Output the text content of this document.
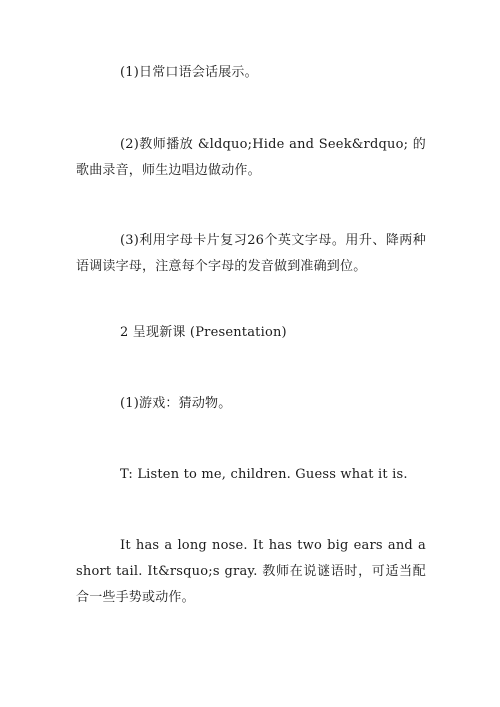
(1)日常口语会话展示。

(2)教师播放 &ldquo;Hide and Seek&rdquo; 的歌曲录音，师生边唱边做动作。

(3)利用字母卡片复习26个英文字母。用升、降两种语调读字母，注意每个字母的发音做到准确到位。

2 呈现新课 (Presentation)

(1)游戏：猜动物。

T: Listen to me, children. Guess what it is.

It has a long nose. It has two big ears and a short tail. It&rsquo;s gray. 教师在说谜语时，可适当配合一些手势或动作。
